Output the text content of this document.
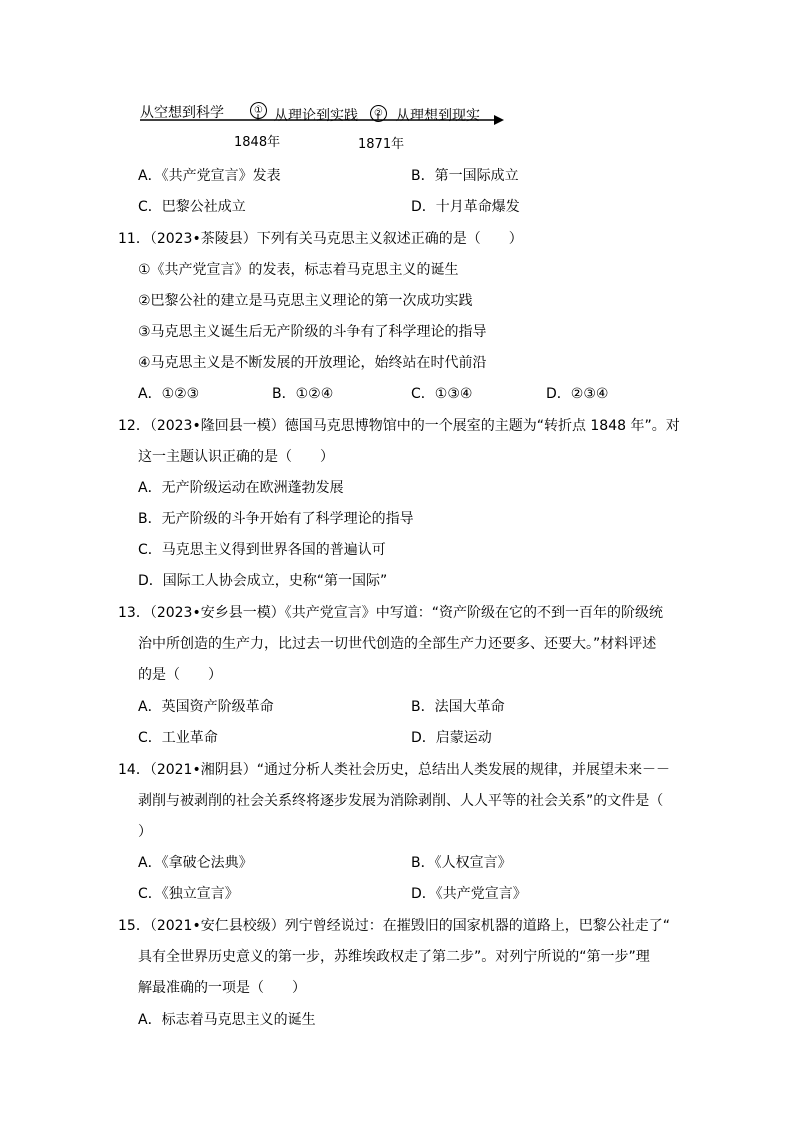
从空想到科学	① 从理论到实践	② 从理想到现实
1848年	1871年
A．《共产党宣言》发表	B．第一国际成立
C．巴黎公社成立	D．十月革命爆发
11．（2023•茶陵县）下列有关马克思主义叙述正确的是（　　）
①《共产党宣言》的发表，标志着马克思主义的诞生
②巴黎公社的建立是马克思主义理论的第一次成功实践
③马克思主义诞生后无产阶级的斗争有了科学理论的指导
④马克思主义是不断发展的开放理论，始终站在时代前沿
A．①②③	B．①②④	C．①③④	D．②③④
12．（2023•隆回县一模）德国马克思博物馆中的一个展室的主题为“转折点 1848 年”。对
这一主题认识正确的是（　　）
A．无产阶级运动在欧洲蓬勃发展
B．无产阶级的斗争开始有了科学理论的指导
C．马克思主义得到世界各国的普遍认可
D．国际工人协会成立，史称“第一国际”
13．（2023•安乡县一模）《共产党宣言》中写道：“资产阶级在它的不到一百年的阶级统
治中所创造的生产力，比过去一切世代创造的全部生产力还要多、还要大。”材料评述
的是（　　）
A．英国资产阶级革命	B．法国大革命
C．工业革命	D．启蒙运动
14．（2021•湘阴县）“通过分析人类社会历史，总结出人类发展的规律，并展望未来－－
剥削与被剥削的社会关系终将逐步发展为消除剥削、人人平等的社会关系”的文件是（
）
A．《拿破仑法典》	B．《人权宣言》
C．《独立宣言》	D．《共产党宣言》
15．（2021•安仁县校级）列宁曾经说过：在摧毁旧的国家机器的道路上，巴黎公社走了“
具有全世界历史意义的第一步，苏维埃政权走了第二步”。对列宁所说的“第一步”理
解最准确的一项是（　　）
A．标志着马克思主义的诞生
